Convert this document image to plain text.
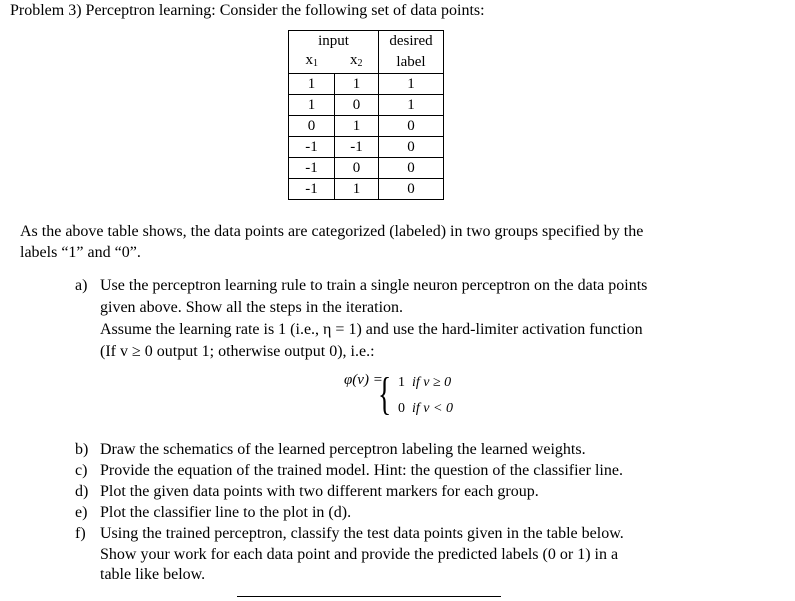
Problem 3) Perceptron learning: Consider the following set of data points:
input		desired
$x_1$	$x_2$	label
1	1	1
1	0	1
0	1	0
-1	-1	0
-1	0	0
-1	1	0
As the above table shows, the data points are categorized (labeled) in two groups specified by the
labels “1” and “0”.
a) Use the perceptron learning rule to train a single neuron perceptron on the data points
given above. Show all the steps in the iteration.
Assume the learning rate is 1 (i.e., η = 1) and use the hard-limiter activation function
(If v ≥ 0 output 1; otherwise output 0), i.e.:
φ(v) =
{ 1 if v ≥ 0
0 if v < 0
b) Draw the schematics of the learned perceptron labeling the learned weights.
c) Provide the equation of the trained model. Hint: the question of the classifier line.
d) Plot the given data points with two different markers for each group.
e) Plot the classifier line to the plot in (d).
f) Using the trained perceptron, classify the test data points given in the table below.
Show your work for each data point and provide the predicted labels (0 or 1) in a
table like below.
